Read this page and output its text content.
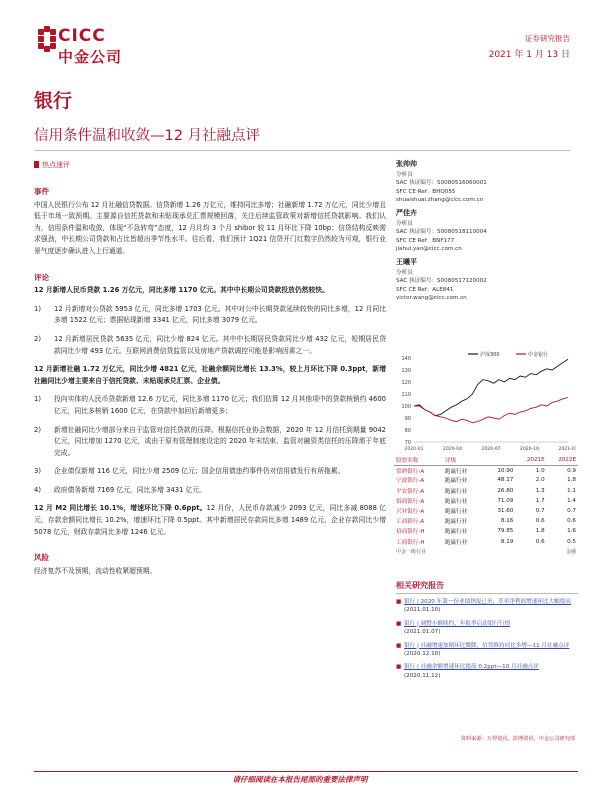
CICC
中金公司
证券研究报告
2021 年 1 月 13 日
银行
信用条件温和收敛—12 月社融点评
热点速评
事件
中国人民银行公布 12 月社融信贷数据。信贷新增 1.26 万亿元，维持同比多增；社融新增 1.72 万亿元，同比少增且低于市场一致预期。主要源自信托贷款和未贴现承兑汇票规模回落，关注后续监管政策对新增信托贷款影响。我们认为，信用条件温和收敛，体现“不急转弯”态度，12 月月均 3 个月 shibor 较 11 月环比下降 10bp；信贷结构反映需求强劲，中长期公司贷款和占比皆超出季节性水平。往后看，我们预计 1Q21 信贷开门红数字仍然较为可观，银行业景气度逐步确认进入上行通道。
评论
12 月新增人民币贷款 1.26 万亿元，同比多增 1170 亿元。其中中长期公司贷款投放仍然较快。
1) 12 月新增对公贷款 5953 亿元，同比多增 1703 亿元。其中对公中长期贷款延续较快的同比多增，12 月同比多增 1522 亿元；票据贴现新增 3341 亿元，同比多增 3079 亿元。
2) 12 月新增居民贷款 5635 亿元，同比少增 824 亿元。其中中长期居民贷款同比少增 432 亿元，短期居民贷款同比少增 493 亿元。互联网消费信贷监管以及房地产贷款调控可能是影响因素之一。
12 月新增社融 1.72 万亿元，同比少增 4821 亿元，社融余额同比增长 13.3%，较上月环比下降 0.3ppt，新增社融同比少增主要来自于信托贷款、未贴现承兑汇票、企业债。
1) 投向实体的人民币贷款新增 12.6 万亿元，同比多增 1170 亿元；我们估算 12 月其他项中的贷款核销约 4600 亿元，同比多核销 1600 亿元，在贷款中加回后新增更多；
2) 新增社融同比少增部分来自于监管对信托贷款的压降。根据信托业协会数据，2020 年 12 月信托到期量 9042 亿元，同比增加 1270 亿元，或由于原有管理制度设定的 2020 年末结束、监管对融资类信托的压降需于年底完成。
3) 企业债仅新增 116 亿元，同比少增 2509 亿元；国企信用债违约事件仍对信用债发行有所拖累。
4) 政府债务新增 7169 亿元，同比多增 3431 亿元。
12 月 M2 同比增长 10.1%，增速环比下降 0.6ppt。12 月份，人民币存款减少 2093 亿元，同比多减 8088 亿元，存款余额同比增长 10.2%，增速环比下降 0.5ppt。其中新增居民存款同比多增 1489 亿元，企业存款同比少增 5078 亿元，财政存款同比多增 1246 亿元。
风险
经济复苏不及预期，流动性收紧超预期。
张帅帅
分析员
SAC 执证编号：S0080516060001
SFC CE Ref：BHQ055
shuaishuai.zhang@cicc.com.cn
严佳卉
分析员
SAC 执证编号：S0080518110004
SFC CE Ref：BNF177
jiahui.yan@cicc.com.cn
王曦平
分析员
SAC 执证编号：S0080517120002
SFC CE Ref：ALE841
victor.wang@cicc.com.cn
140
130
120
110
100
90
80
70
2020-01	2020-04	2020-07	2020-10	2021-01
沪深300	中金银行
股票名称	评级			2021E	2022E
常熟银行-A	跑赢行业		10.90	1.0	0.9
宁波银行-A	跑赢行业		48.17	2.0	1.8
平安银行-A	跑赢行业		26.80	1.3	1.1
招商银行-A	跑赢行业		71.09	1.7	1.4
兴业银行-A	跑赢行业		31.60	0.7	0.7
工商银行-A	跑赢行业		8.16	0.6	0.6
招商银行-H	跑赢行业		79.85	1.8	1.6
工商银行-H	跑赢行业		8.19	0.6	0.5
中金一级行业					金融
相关研究报告
■ 银行 | 2020 年第一份业绩快报已至，草率净利润增速环比大幅提高
(2021.01.10)
■ 银行 | 调整小额续约，年报季启动银行行情
(2021.01.07)
■ 银行 | 社融增速加剧环比微降，信贷维持同比多增—11 月社融点评
(2020.12.10)
■ 银行 | 社融余额增速环比提高 0.2ppt—10 月社融点评
(2020.11.12)
资料来源：万得资讯，彭博资讯，中金公司研究部
请仔细阅读在本报告尾部的重要法律声明
